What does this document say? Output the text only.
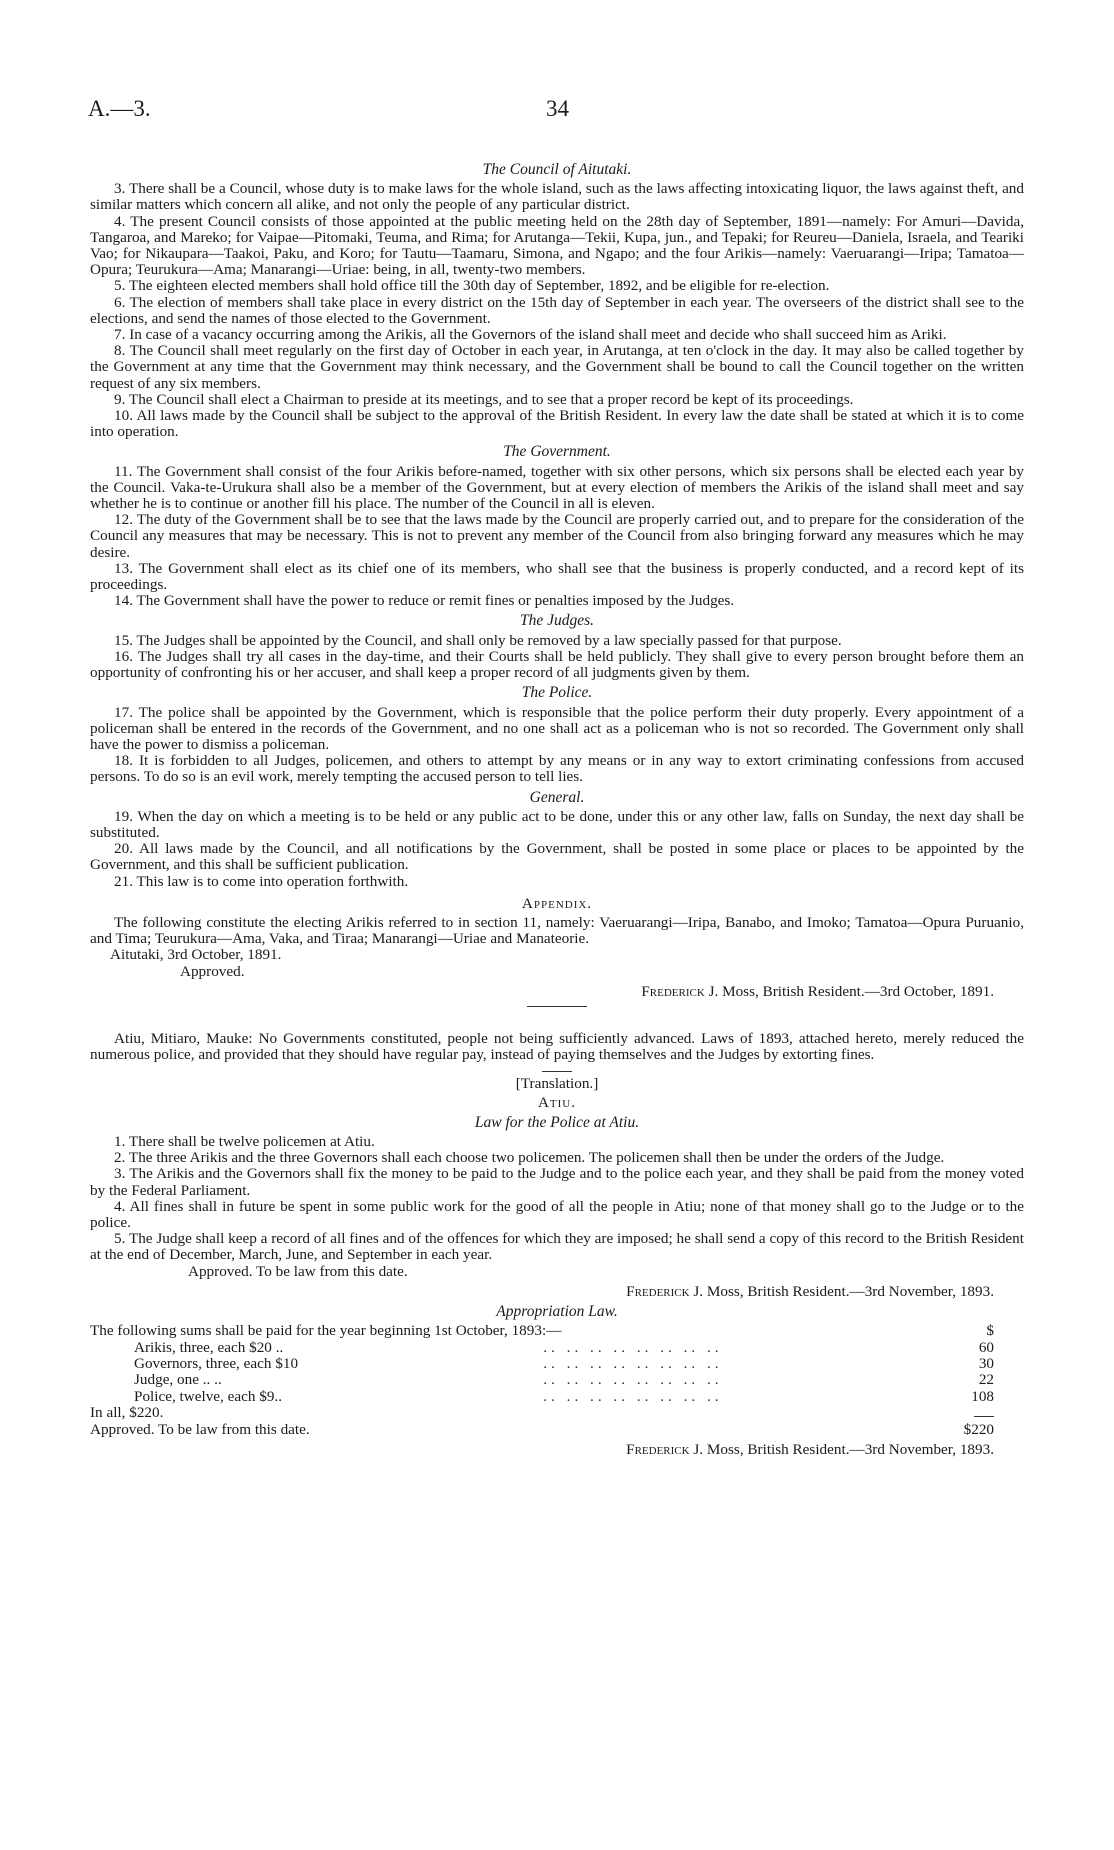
A.—3.	34
The Council of Aitutaki.

3. There shall be a Council, whose duty is to make laws for the whole island, such as the laws affecting intoxicating liquor, the laws against theft, and similar matters which concern all alike, and not only the people of any particular district.

4. The present Council consists of those appointed at the public meeting held on the 28th day of September, 1891—namely: For Amuri—Davida, Tangaroa, and Mareko; for Vaipae—Pitomaki, Teuma, and Rima; for Arutanga—Tekii, Kupa, jun., and Tepaki; for Reureu—Daniela, Israela, and Teariki Vao; for Nikaupara—Taakoi, Paku, and Koro; for Tautu—Taamaru, Simona, and Ngapo; and the four Arikis—namely: Vaeruarangi—Iripa; Tamatoa—Opura; Teurukura—Ama; Manarangi—Uriae: being, in all, twenty-two members.

5. The eighteen elected members shall hold office till the 30th day of September, 1892, and be eligible for re-election.

6. The election of members shall take place in every district on the 15th day of September in each year. The overseers of the district shall see to the elections, and send the names of those elected to the Government.

7. In case of a vacancy occurring among the Arikis, all the Governors of the island shall meet and decide who shall succeed him as Ariki.

8. The Council shall meet regularly on the first day of October in each year, in Arutanga, at ten o'clock in the day. It may also be called together by the Government at any time that the Government may think necessary, and the Government shall be bound to call the Council together on the written request of any six members.

9. The Council shall elect a Chairman to preside at its meetings, and to see that a proper record be kept of its proceedings.

10. All laws made by the Council shall be subject to the approval of the British Resident. In every law the date shall be stated at which it is to come into operation.

The Government.

11. The Government shall consist of the four Arikis before-named, together with six other persons, which six persons shall be elected each year by the Council. Vaka-te-Urukura shall also be a member of the Government, but at every election of members the Arikis of the island shall meet and say whether he is to continue or another fill his place. The number of the Council in all is eleven.

12. The duty of the Government shall be to see that the laws made by the Council are properly carried out, and to prepare for the consideration of the Council any measures that may be necessary. This is not to prevent any member of the Council from also bringing forward any measures which he may desire.

13. The Government shall elect as its chief one of its members, who shall see that the business is properly conducted, and a record kept of its proceedings.

14. The Government shall have the power to reduce or remit fines or penalties imposed by the Judges.

The Judges.

15. The Judges shall be appointed by the Council, and shall only be removed by a law specially passed for that purpose.

16. The Judges shall try all cases in the day-time, and their Courts shall be held publicly. They shall give to every person brought before them an opportunity of confronting his or her accuser, and shall keep a proper record of all judgments given by them.

The Police.

17. The police shall be appointed by the Government, which is responsible that the police perform their duty properly. Every appointment of a policeman shall be entered in the records of the Government, and no one shall act as a policeman who is not so recorded. The Government only shall have the power to dismiss a policeman.

18. It is forbidden to all Judges, policemen, and others to attempt by any means or in any way to extort criminating confessions from accused persons. To do so is an evil work, merely tempting the accused person to tell lies.

General.

19. When the day on which a meeting is to be held or any public act to be done, under this or any other law, falls on Sunday, the next day shall be substituted.

20. All laws made by the Council, and all notifications by the Government, shall be posted in some place or places to be appointed by the Government, and this shall be sufficient publication.

21. This law is to come into operation forthwith.

Appendix.

The following constitute the electing Arikis referred to in section 11, namely: Vaeruarangi—Iripa, Banabo, and Imoko; Tamatoa—Opura Puruanio, and Tima; Teurukura—Ama, Vaka, and Tiraa; Manarangi—Uriae and Manateorie.

Aitutaki, 3rd October, 1891.
Approved.
Frederick J. Moss, British Resident.—3rd October, 1891.

Atiu, Mitiaro, Mauke: No Governments constituted, people not being sufficiently advanced. Laws of 1893, attached hereto, merely reduced the numerous police, and provided that they should have regular pay, instead of paying themselves and the Judges by extorting fines.

[Translation.]
Atiu.
Law for the Police at Atiu.

1. There shall be twelve policemen at Atiu.

2. The three Arikis and the three Governors shall each choose two policemen. The policemen shall then be under the orders of the Judge.

3. The Arikis and the Governors shall fix the money to be paid to the Judge and to the police each year, and they shall be paid from the money voted by the Federal Parliament.

4. All fines shall in future be spent in some public work for the good of all the people in Atiu; none of that money shall go to the Judge or to the police.

5. The Judge shall keep a record of all fines and of the offences for which they are imposed; he shall send a copy of this record to the British Resident at the end of December, March, June, and September in each year.

Approved. To be law from this date.
Frederick J. Moss, British Resident.—3rd November, 1893.
Appropriation Law.
The following sums shall be paid for the year beginning 1st October, 1893:—		$
Arikis, three, each $20 ..	.. .. .. .. .. .. .. ..	60
Governors, three, each $10	.. .. .. .. .. .. .. ..	30
Judge, one .. ..	.. .. .. .. .. .. .. ..	22
Police, twelve, each $9..	.. .. .. .. .. .. .. ..	108
In all, $220.		
Approved. To be law from this date.		$220
Frederick J. Moss, British Resident.—3rd November, 1893.
